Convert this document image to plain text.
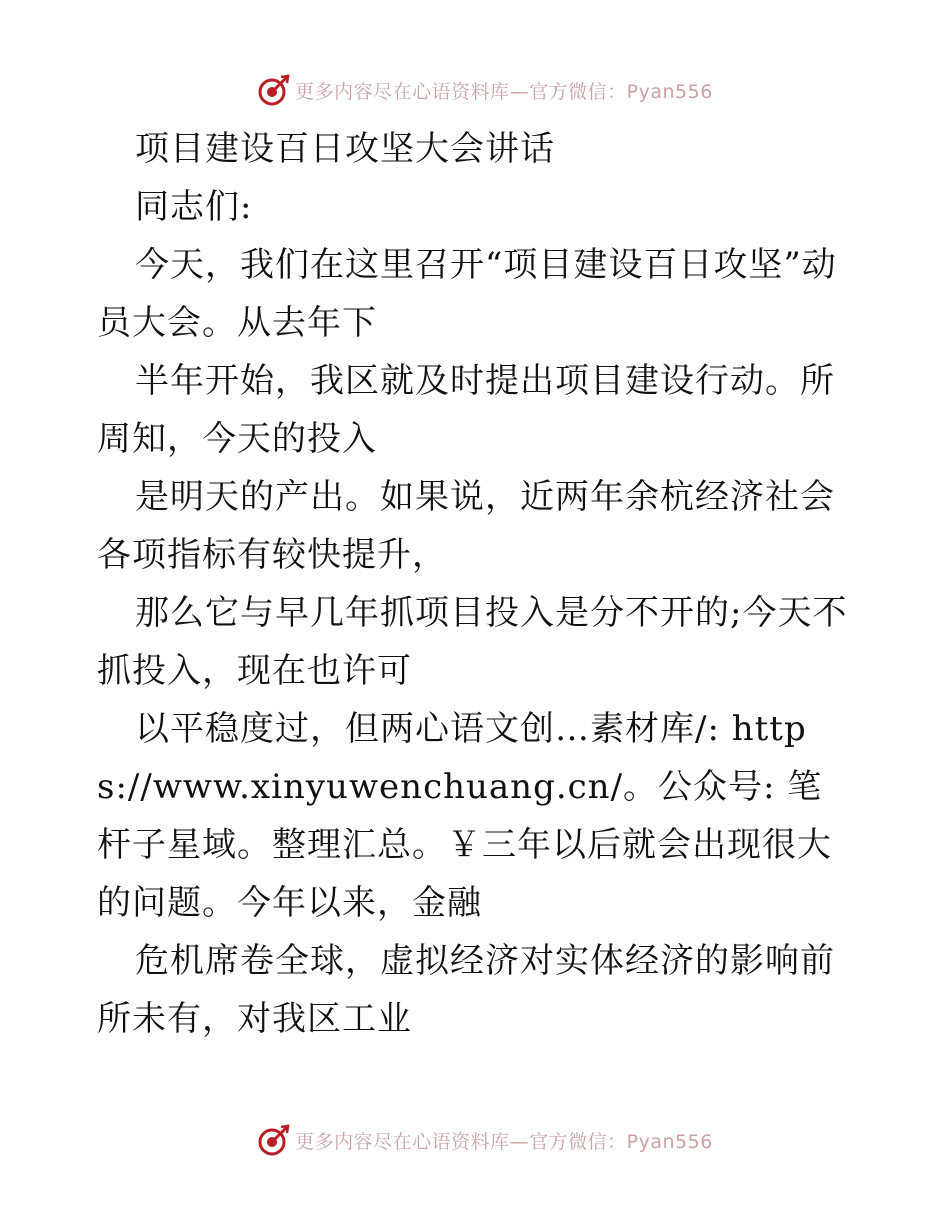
更多内容尽在心语资料库—官方微信：Pyan556

项目建设百日攻坚大会讲话

同志们:

今天，我们在这里召开“项目建设百日攻坚”动员大会。从去年下

半年开始，我区就及时提出项目建设行动。所周知，今天的投入

是明天的产出。如果说，近两年余杭经济社会各项指标有较快提升，

那么它与早几年抓项目投入是分不开的;今天不抓投入，现在也许可

以平稳度过，但两心语文创…素材库/: https://www.xinyuwenchuang.cn/。公众号: 笔杆子星域。整理汇总。￥三年以后就会出现很大的问题。今年以来，金融

危机席卷全球，虚拟经济对实体经济的影响前所未有，对我区工业

更多内容尽在心语资料库—官方微信：Pyan556
